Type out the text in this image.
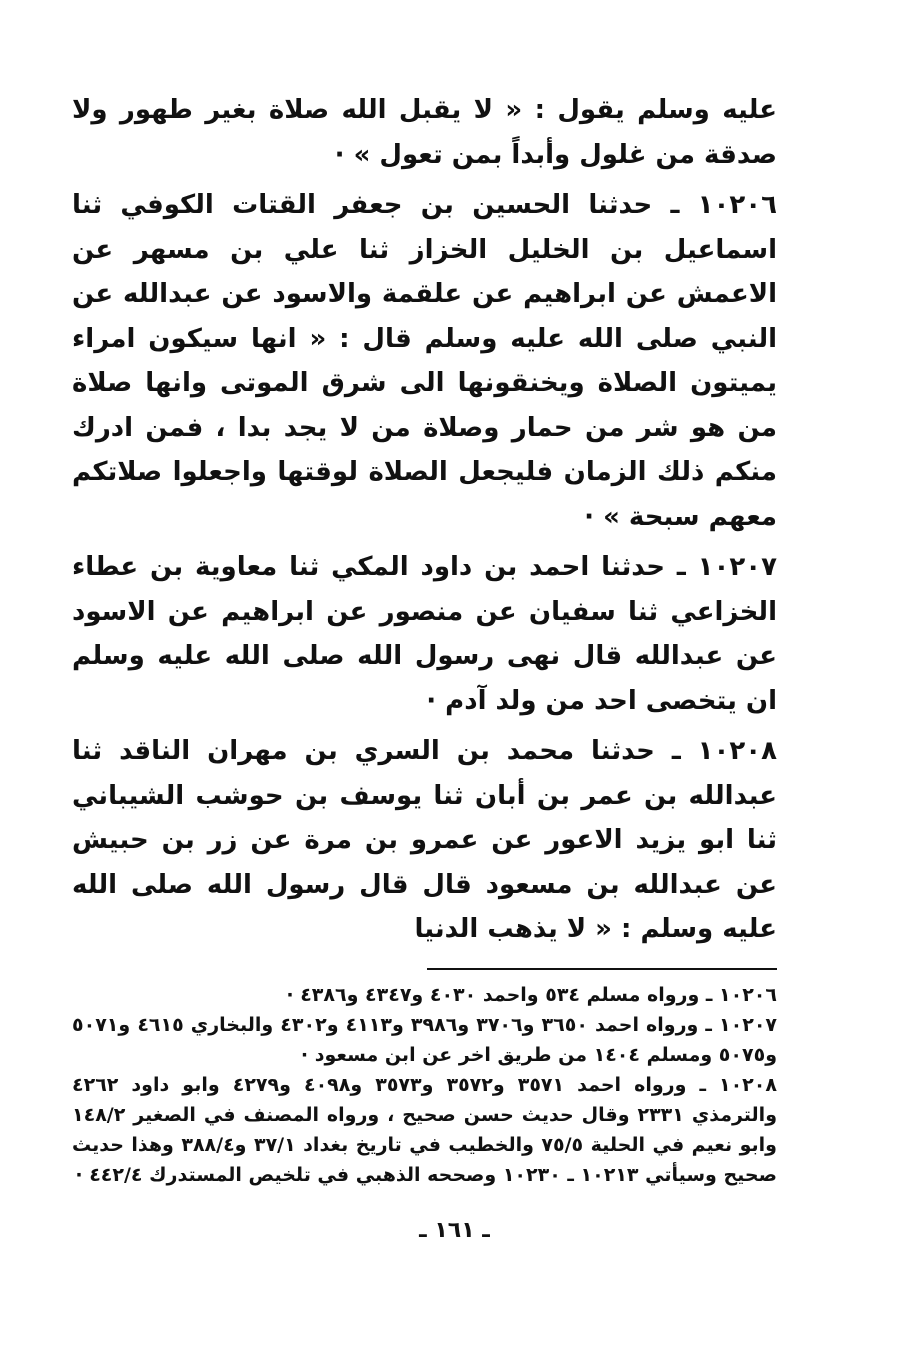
عليه وسلم يقول : « لا يقبل الله صلاة بغير طهور ولا صدقة من غلول وأبداً بمن تعول » ·

١٠٢٠٦ ـ حدثنا الحسين بن جعفر القتات الكوفي ثنا اسماعيل بن الخليل الخزاز ثنا علي بن مسهر عن الاعمش عن ابراهيم عن علقمة والاسود عن عبدالله عن النبي صلى الله عليه وسلم قال : « انها سيكون امراء يميتون الصلاة ويخنقونها الى شرق الموتى وانها صلاة من هو شر من حمار وصلاة من لا يجد بدا ، فمن ادرك منكم ذلك الزمان فليجعل الصلاة لوقتها واجعلوا صلاتكم معهم سبحة » ·

١٠٢٠٧ ـ حدثنا احمد بن داود المكي ثنا معاوية بن عطاء الخزاعي ثنا سفيان عن منصور عن ابراهيم عن الاسود عن عبدالله قال نهى رسول الله صلى الله عليه وسلم ان يتخصى احد من ولد آدم ·

١٠٢٠٨ ـ حدثنا محمد بن السري بن مهران الناقد ثنا عبدالله بن عمر بن أبان ثنا يوسف بن حوشب الشيباني ثنا ابو يزيد الاعور عن عمرو بن مرة عن زر بن حبيش عن عبدالله بن مسعود قال قال رسول الله صلى الله عليه وسلم : « لا يذهب الدنيا

١٠٢٠٦ ـ ورواه مسلم ٥٣٤ واحمد ٤٠٣٠ و٤٣٤٧ و٤٣٨٦ ·

١٠٢٠٧ ـ ورواه احمد ٣٦٥٠ و٣٧٠٦ و٣٩٨٦ و٤١١٣ و٤٣٠٢ والبخاري ٤٦١٥ و٥٠٧١ و٥٠٧٥ ومسلم ١٤٠٤ من طريق اخر عن ابن مسعود ·

١٠٢٠٨ ـ ورواه احمد ٣٥٧١ و٣٥٧٢ و٣٥٧٣ و٤٠٩٨ و٤٢٧٩ وابو داود ٤٢٦٢ والترمذي ٢٣٣١ وقال حديث حسن صحيح ، ورواه المصنف في الصغير ١٤٨/٢ وابو نعيم في الحلية ٧٥/٥ والخطيب في تاريخ بغداد ٣٧/١ و٣٨٨/٤ وهذا حديث صحيح وسيأتي ١٠٢١٣ ـ ١٠٢٣٠ وصححه الذهبي في تلخيص المستدرك ٤٤٢/٤ ·

ـ ١٦١ ـ
